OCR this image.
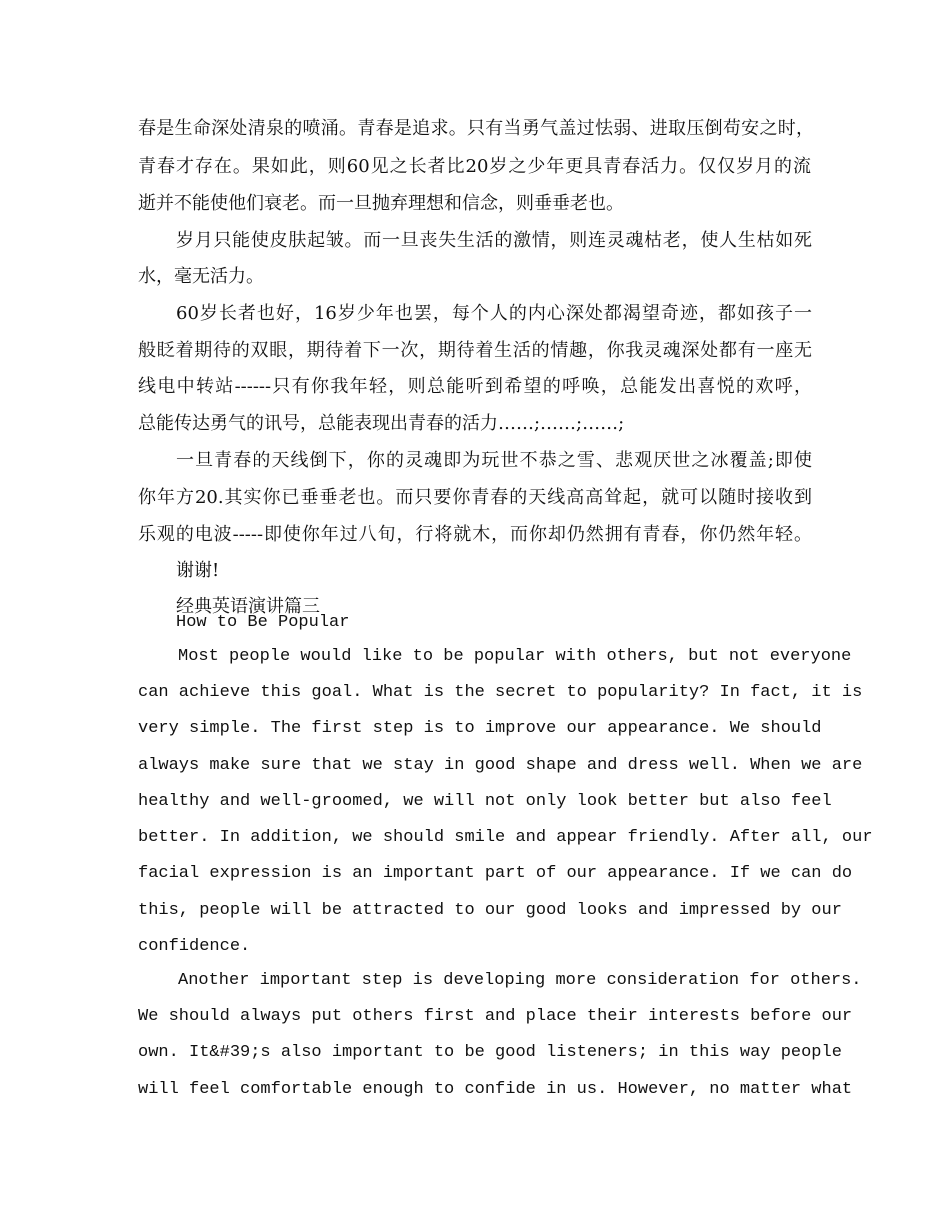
春是生命深处清泉的喷涌。青春是追求。只有当勇气盖过怯弱、进取压倒苟安之时，
青春才存在。果如此，则60见之长者比20岁之少年更具青春活力。仅仅岁月的流
逝并不能使他们衰老。而一旦抛弃理想和信念，则垂垂老也。
岁月只能使皮肤起皱。而一旦丧失生活的激情，则连灵魂枯老，使人生枯如死
水，毫无活力。
60岁长者也好，16岁少年也罢，每个人的内心深处都渴望奇迹，都如孩子一
般眨着期待的双眼，期待着下一次，期待着生活的情趣，你我灵魂深处都有一座无
线电中转站------只有你我年轻，则总能听到希望的呼唤，总能发出喜悦的欢呼，
总能传达勇气的讯号，总能表现出青春的活力……;……;……;
一旦青春的天线倒下，你的灵魂即为玩世不恭之雪、悲观厌世之冰覆盖;即使
你年方20.其实你已垂垂老也。而只要你青春的天线高高耸起，就可以随时接收到
乐观的电波-----即使你年过八旬，行将就木，而你却仍然拥有青春，你仍然年轻。
谢谢!
经典英语演讲篇三
How to Be Popular
Most people would like to be popular with others, but not everyone
can achieve this goal. What is the secret to popularity? In fact, it is
very simple. The first step is to improve our appearance. We should
always make sure that we stay in good shape and dress well. When we are
healthy and well-groomed, we will not only look better but also feel
better. In addition, we should smile and appear friendly. After all, our
facial expression is an important part of our appearance. If we can do
this, people will be attracted to our good looks and impressed by our
confidence.
Another important step is developing more consideration for others.
We should always put others first and place their interests before our
own. It&#39;s also important to be good listeners; in this way people
will feel comfortable enough to confide in us. However, no matter what
